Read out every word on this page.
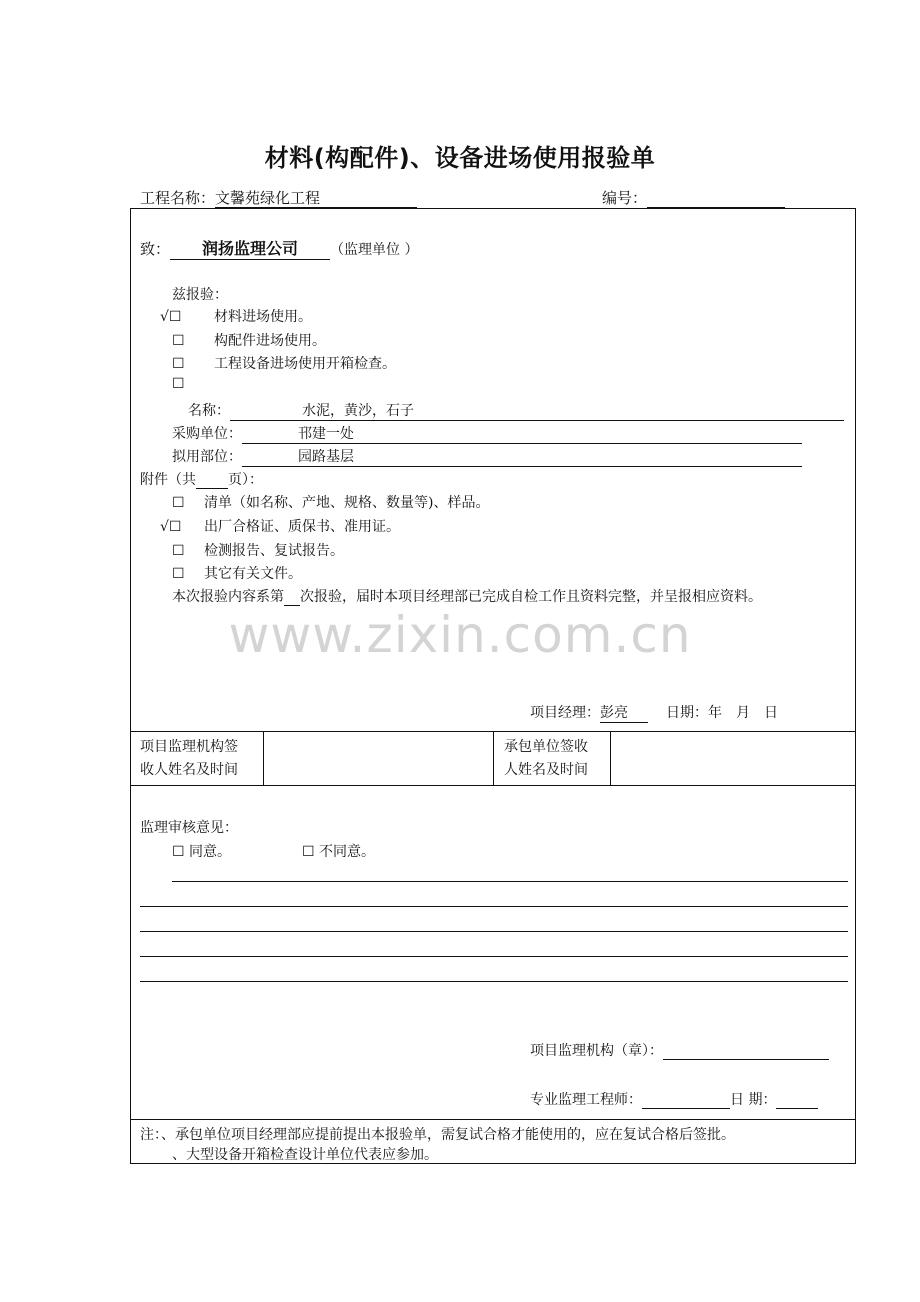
材料(构配件)、设备进场使用报验单
工程名称：文馨苑绿化工程	编号：
致： 润扬监理公司 （监理单位 ）
兹报验：
√☐ 材料进场使用。
☐ 构配件进场使用。
☐ 工程设备进场使用开箱检查。
☐
名称：	水泥，黄沙，石子
采购单位：	邗建一处
拟用部位：	园路基层
附件（共 页）：
☐ 清单（如名称、产地、规格、数量等)、样品。
√☐ 出厂合格证、质保书、准用证。
☐ 检测报告、复试报告。
☐ 其它有关文件。
本次报验内容系第 次报验，届时本项目经理部已完成自检工作且资料完整，并呈报相应资料。
www.zixin.com.cn
项目经理：彭亮	日期：年　月　日
项目监理机构签
收人姓名及时间
承包单位签收
人姓名及时间
监理审核意见：
☐ 同意。	☐ 不同意。
项目监理机构（章）：
专业监理工程师：	日 期：
注：、承包单位项目经理部应提前提出本报验单，需复试合格才能使用的，应在复试合格后签批。
、大型设备开箱检查设计单位代表应参加。
